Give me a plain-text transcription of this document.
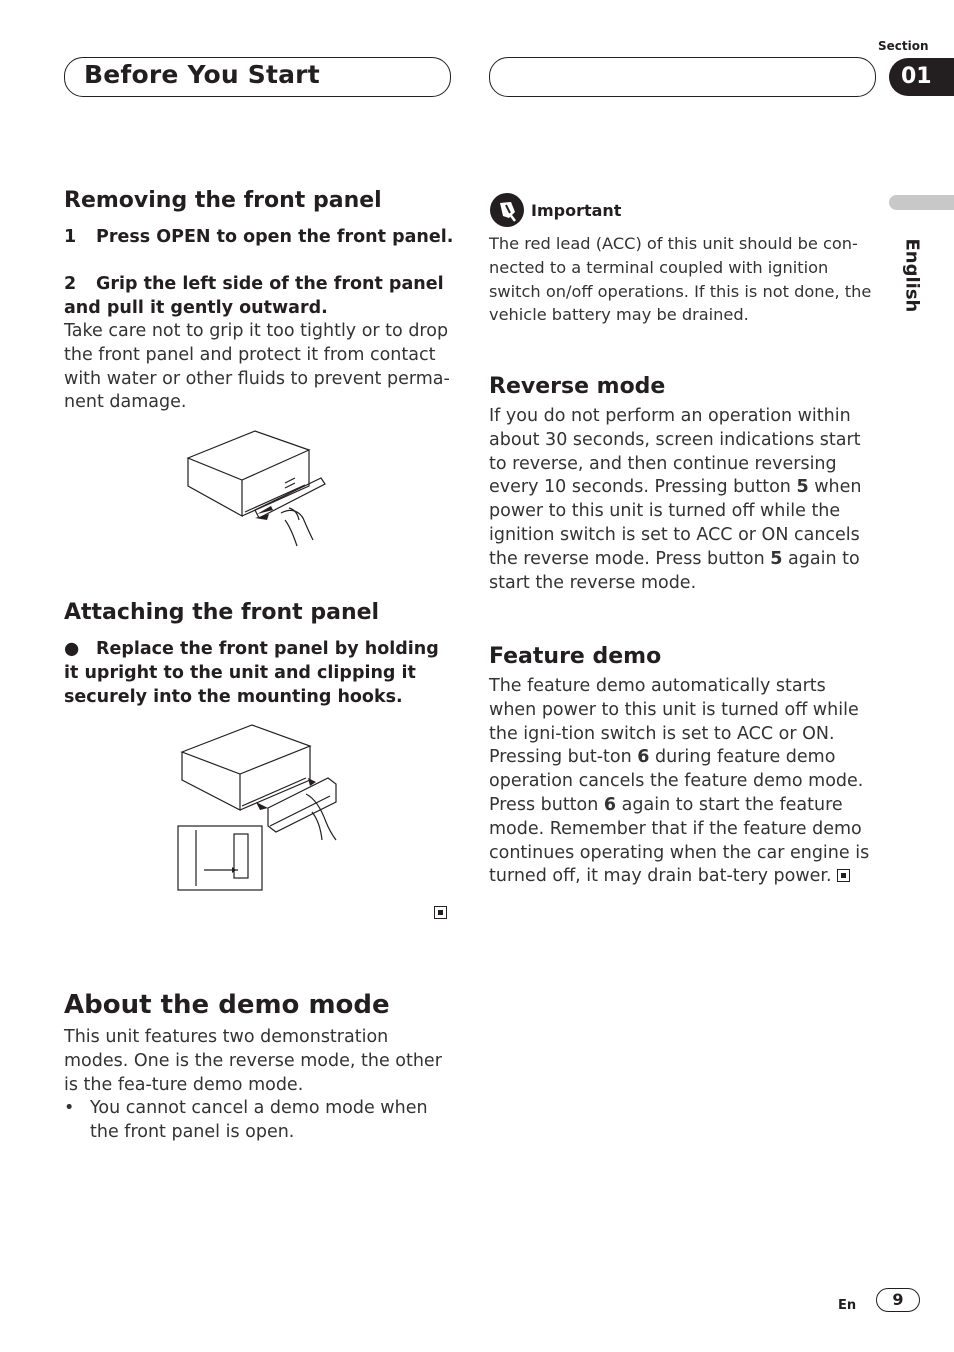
Before You Start
Section
01
English
Removing the front panel
1	Press OPEN to open the front panel.
2 Grip the left side of the front panel and pull it gently outward.
Take care not to grip it too tightly or to drop the front panel and protect it from contact with water or other fluids to prevent perma-nent damage.
Attaching the front panel
● Replace the front panel by holding it upright to the unit and clipping it securely into the mounting hooks.
About the demo mode
This unit features two demonstration modes. One is the reverse mode, the other is the fea-ture demo mode.
• You cannot cancel a demo mode when the front panel is open.
Important
The red lead (ACC) of this unit should be con-nected to a terminal coupled with ignition switch on/off operations. If this is not done, the vehicle battery may be drained.
Reverse mode
If you do not perform an operation within about 30 seconds, screen indications start to reverse, and then continue reversing every 10 seconds. Pressing button 5 when power to this unit is turned off while the ignition switch is set to ACC or ON cancels the reverse mode. Press button 5 again to start the reverse mode.
Feature demo
The feature demo automatically starts when power to this unit is turned off while the igni-tion switch is set to ACC or ON. Pressing but-ton 6 during feature demo operation cancels the feature demo mode. Press button 6 again to start the feature mode. Remember that if the feature demo continues operating when the car engine is turned off, it may drain bat-tery power.
En	9
